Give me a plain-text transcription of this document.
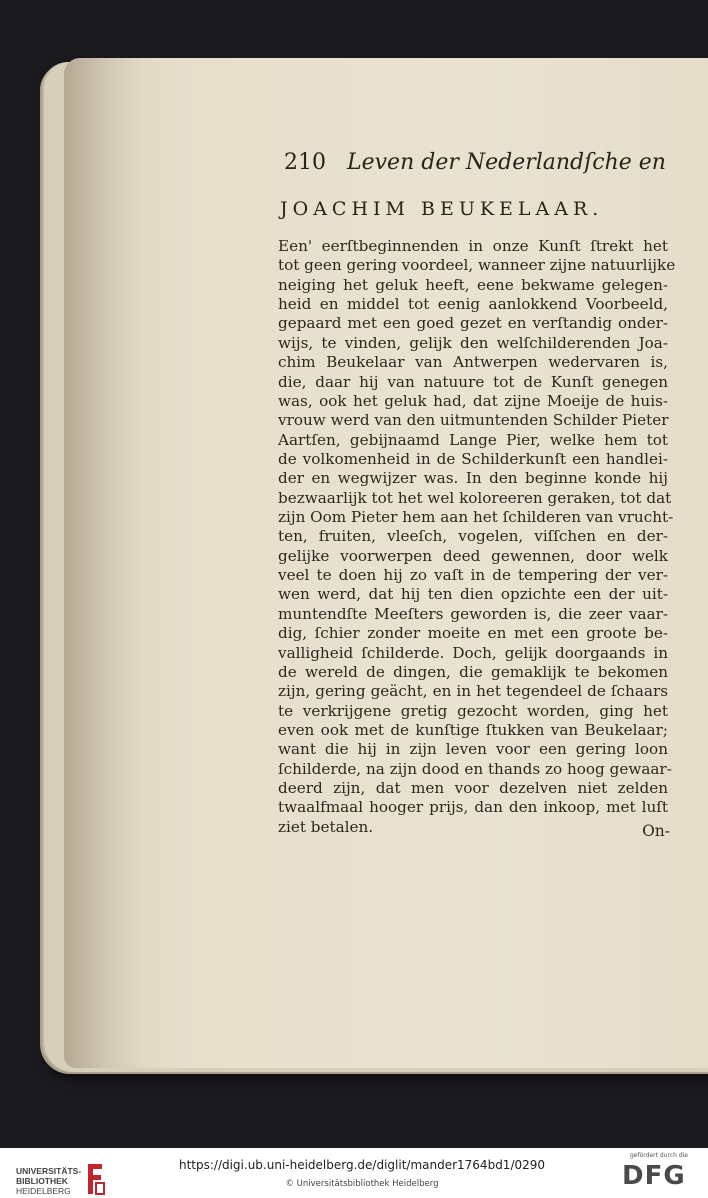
210 Leven der Nederlandſche en
JOACHIM BEUKELAAR.
Een' eerſtbeginnenden in onze Kunſt ſtrekt het
tot geen gering voordeel, wanneer zijne natuurlijke
neiging het geluk heeft, eene bekwame gelegen-
heid en middel tot eenig aanlokkend Voorbeeld,
gepaard met een goed gezet en verſtandig onder-
wijs, te vinden, gelijk den welſchilderenden Joa-
chim Beukelaar van Antwerpen wedervaren is,
die, daar hij van natuure tot de Kunſt genegen
was, ook het geluk had, dat zijne Moeije de huis-
vrouw werd van den uitmuntenden Schilder Pieter
Aartſen, gebijnaamd Lange Pier, welke hem tot
de volkomenheid in de Schilderkunſt een handlei-
der en wegwijzer was. In den beginne konde hij
bezwaarlijk tot het wel koloreeren geraken, tot dat
zijn Oom Pieter hem aan het ſchilderen van vrucht-
ten, fruiten, vleeſch, vogelen, viſſchen en der-
gelijke voorwerpen deed gewennen, door welk
veel te doen hij zo vaſt in de tempering der ver-
wen werd, dat hij ten dien opzichte een der uit-
muntendſte Meeſters geworden is, die zeer vaar-
dig, ſchier zonder moeite en met een groote be-
valligheid ſchilderde. Doch, gelijk doorgaands in
de wereld de dingen, die gemaklijk te bekomen
zijn, gering geächt, en in het tegendeel de ſchaars
te verkrijgene gretig gezocht worden, ging het
even ook met de kunſtige ſtukken van Beukelaar;
want die hij in zijn leven voor een gering loon
ſchilderde, na zijn dood en thands zo hoog gewaar-
deerd zijn, dat men voor dezelven niet zelden
twaalfmaal hooger prijs, dan den inkoop, met luſt
ziet betalen.	On-
UNIVERSITÄTS-
BIBLIOTHEK
HEIDELBERG
https://digi.ub.uni-heidelberg.de/diglit/mander1764bd1/0290
© Universitätsbibliothek Heidelberg
gefördert durch die
DFG
